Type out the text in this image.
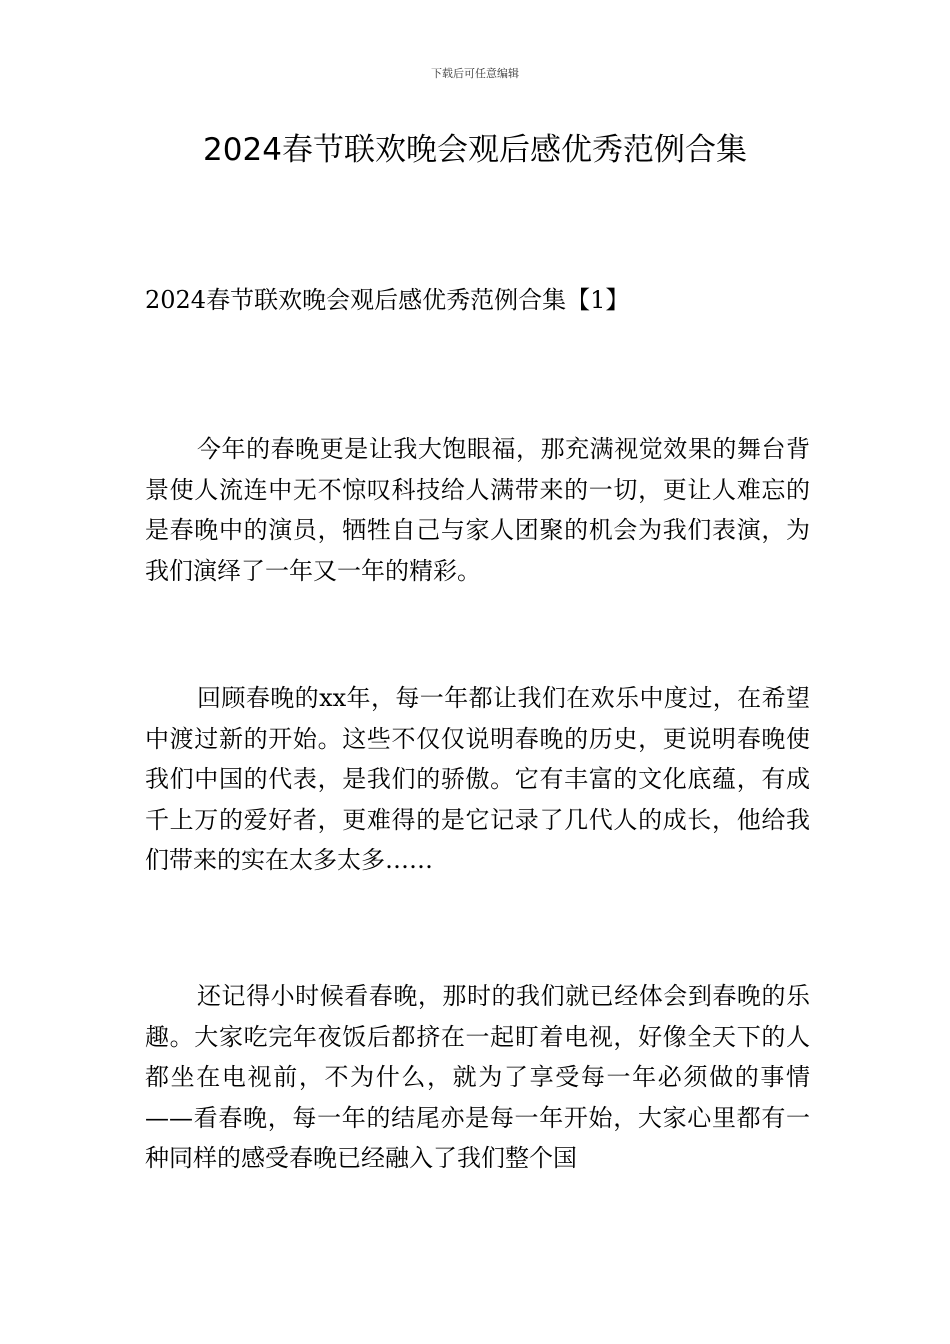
下载后可任意编辑
2024春节联欢晚会观后感优秀范例合集
2024春节联欢晚会观后感优秀范例合集【1】

今年的春晚更是让我大饱眼福，那充满视觉效果的舞台背景使人流连中无不惊叹科技给人满带来的一切，更让人难忘的是春晚中的演员，牺牲自己与家人团聚的机会为我们表演，为我们演绎了一年又一年的精彩。

回顾春晚的xx年，每一年都让我们在欢乐中度过，在希望中渡过新的开始。这些不仅仅说明春晚的历史，更说明春晚使我们中国的代表，是我们的骄傲。它有丰富的文化底蕴，有成千上万的爱好者，更难得的是它记录了几代人的成长，他给我们带来的实在太多太多……

还记得小时候看春晚，那时的我们就已经体会到春晚的乐趣。大家吃完年夜饭后都挤在一起盯着电视，好像全天下的人都坐在电视前，不为什么，就为了享受每一年必须做的事情——看春晚，每一年的结尾亦是每一年开始，大家心里都有一种同样的感受春晚已经融入了我们整个国
